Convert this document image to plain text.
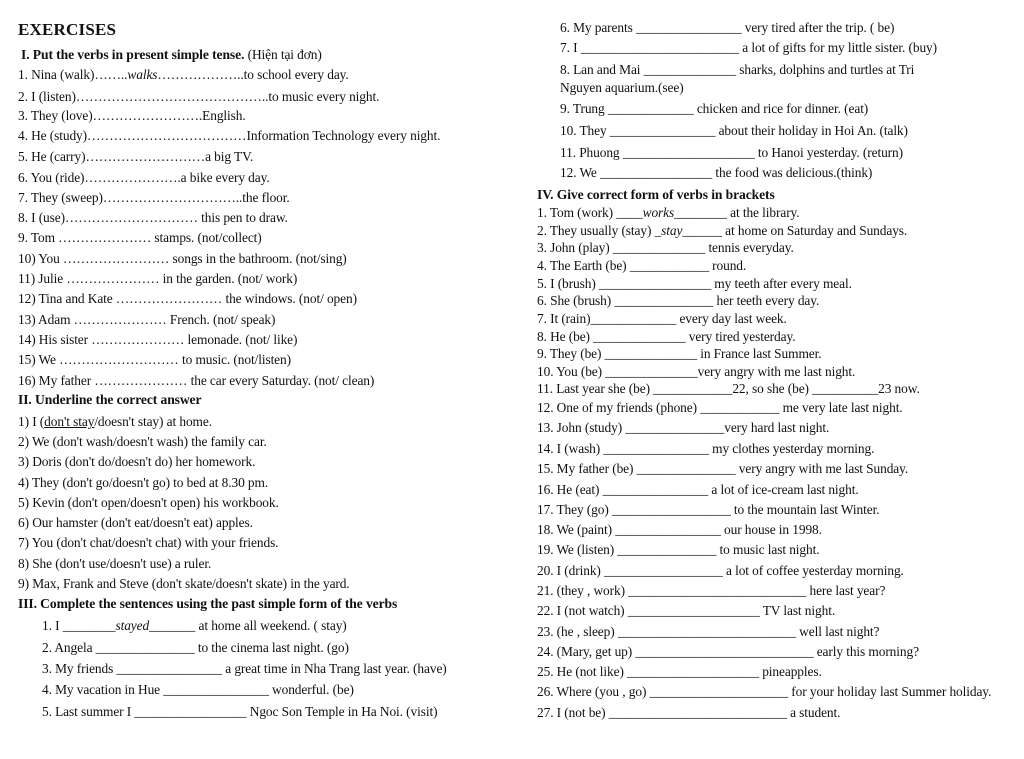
EXERCISES
I. Put the verbs in present simple tense. (Hiện tại đơn)
1. Nina (walk)……..walks………………..to school every day.
2. I (listen)……………………………………..to music every night.
3. They (love)…………………….English.
4. He (study)………………………………Information Technology every night.
5. He (carry)………………………a big TV.
6. You (ride)………………….a bike every day.
7. They (sweep)…………………………..the floor.
8. I (use)………………………… this pen to draw.
9. Tom ………………… stamps. (not/collect)
10) You …………………… songs in the bathroom. (not/sing)
11) Julie ………………… in the garden. (not/ work)
12) Tina and Kate …………………… the windows. (not/ open)
13) Adam ………………… French. (not/ speak)
14) His sister ………………… lemonade. (not/ like)
15) We ……………………… to music. (not/listen)
16) My father ………………… the car every Saturday. (not/ clean)
II. Underline the correct answer
1) I (don't stay/doesn't stay) at home.
2) We (don't wash/doesn't wash) the family car.
3) Doris (don't do/doesn't do) her homework.
4) They (don't go/doesn't go) to bed at 8.30 pm.
5) Kevin (don't open/doesn't open) his workbook.
6) Our hamster (don't eat/doesn't eat) apples.
7) You (don't chat/doesn't chat) with your friends.
8) She (don't use/doesn't use) a ruler.
9) Max, Frank and Steve (don't skate/doesn't skate) in the yard.
III. Complete the sentences using the past simple form of the verbs
1. I ________stayed_______ at home all weekend. ( stay)
2. Angela _______________ to the cinema last night. (go)
3. My friends ________________ a great time in Nha Trang last year. (have)
4. My vacation in Hue ________________ wonderful. (be)
5. Last summer I _________________ Ngoc Son Temple in Ha Noi. (visit)
6. My parents ________________ very tired after the trip. ( be)
7. I ________________________ a lot of gifts for my little sister. (buy)
8. Lan and Mai ______________ sharks, dolphins and turtles at Tri
Nguyen aquarium.(see)
9. Trung _____________ chicken and rice for dinner. (eat)
10. They ________________ about their holiday in Hoi An. (talk)
11. Phuong ____________________ to Hanoi yesterday. (return)
12. We _________________ the food was delicious.(think)
IV. Give correct form of verbs in brackets
1. Tom (work) ____works________ at the library.
2. They usually (stay) _stay______ at home on Saturday and Sundays.
3. John (play) ______________ tennis everyday.
4. The Earth (be) ____________ round.
5. I (brush) _________________ my teeth after every meal.
6. She (brush) _______________ her teeth every day.
7. It (rain)_____________ every day last week.
8. He (be) ______________ very tired yesterday.
9. They (be) ______________ in France last Summer.
10. You (be) ______________very angry with me last night.
11. Last year she (be) ____________22, so she (be) __________23 now.
12. One of my friends (phone) ____________ me very late last night.
13. John (study) _______________very hard last night.
14. I (wash) ________________ my clothes yesterday morning.
15. My father (be) _______________ very angry with me last Sunday.
16. He (eat) ________________ a lot of ice-cream last night.
17. They (go) __________________ to the mountain last Winter.
18. We (paint) ________________ our house in 1998.
19. We (listen) _______________ to music last night.
20. I (drink) __________________ a lot of coffee yesterday morning.
21. (they , work) ___________________________ here last year?
22. I (not watch) ____________________ TV last night.
23. (he , sleep) ___________________________ well last night?
24. (Mary, get up) ___________________________ early this morning?
25. He (not like) ____________________ pineapples.
26. Where (you , go) _____________________ for your holiday last Summer holiday.
27. I (not be) ___________________________ a student.
